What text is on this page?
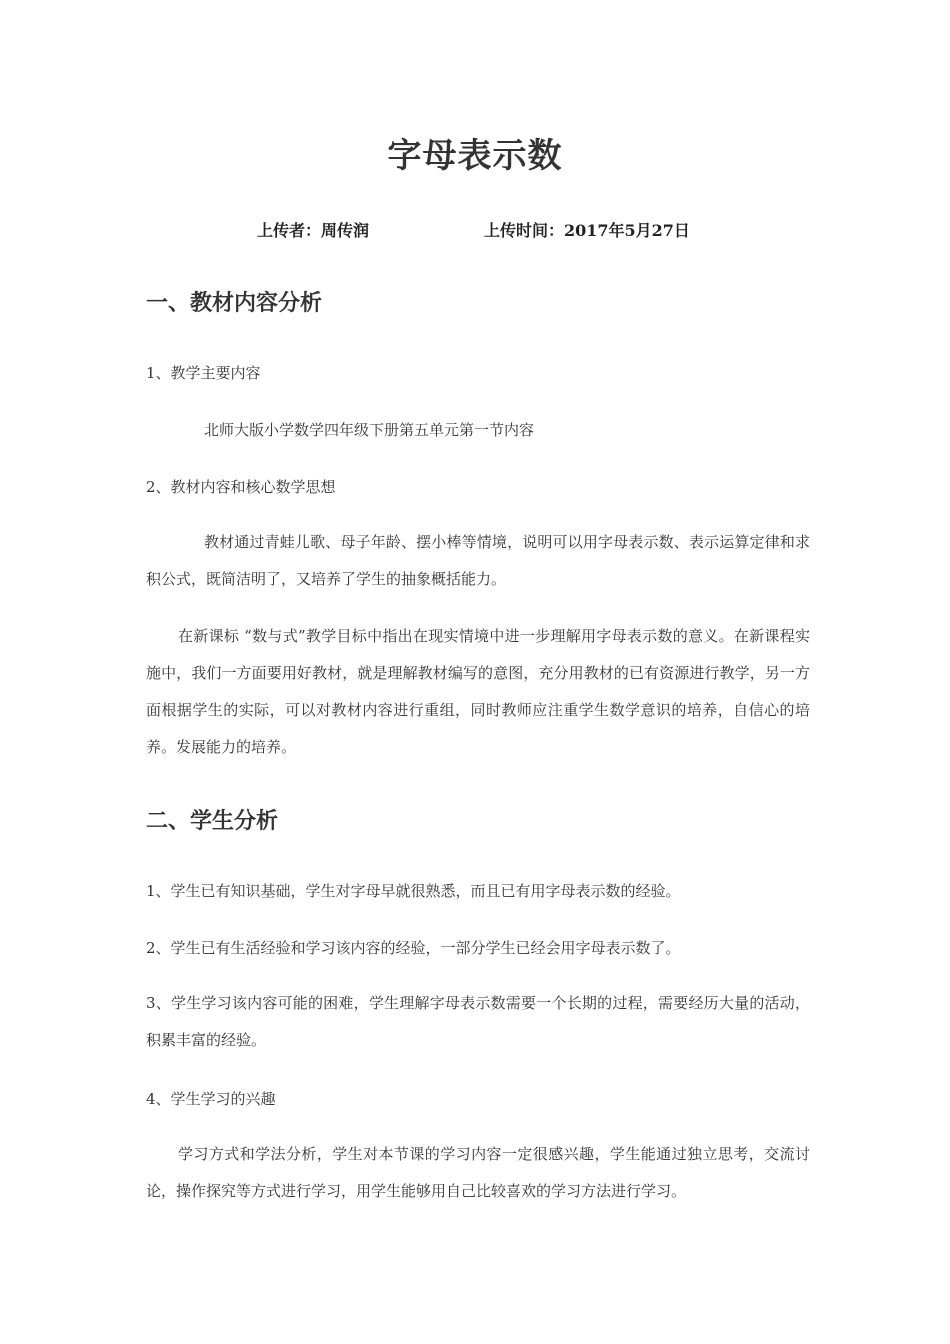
字母表示数
上传者：周传润	上传时间：2017年5月27日
一、教材内容分析
1、教学主要内容
北师大版小学数学四年级下册第五单元第一节内容
2、教材内容和核心数学思想
教材通过青蛙儿歌、母子年龄、摆小棒等情境，说明可以用字母表示数、表示运算定律和求积公式，既简洁明了，又培养了学生的抽象概括能力。
在新课标 “数与式”教学目标中指出在现实情境中进一步理解用字母表示数的意义。在新课程实施中，我们一方面要用好教材，就是理解教材编写的意图，充分用教材的已有资源进行教学，另一方面根据学生的实际，可以对教材内容进行重组，同时教师应注重学生数学意识的培养，自信心的培养。发展能力的培养。
二、学生分析
1、学生已有知识基础，学生对字母早就很熟悉，而且已有用字母表示数的经验。
2、学生已有生活经验和学习该内容的经验，一部分学生已经会用字母表示数了。
3、学生学习该内容可能的困难，学生理解字母表示数需要一个长期的过程，需要经历大量的活动，积累丰富的经验。
4、学生学习的兴趣
学习方式和学法分析，学生对本节课的学习内容一定很感兴趣，学生能通过独立思考，交流讨论，操作探究等方式进行学习，用学生能够用自己比较喜欢的学习方法进行学习。
